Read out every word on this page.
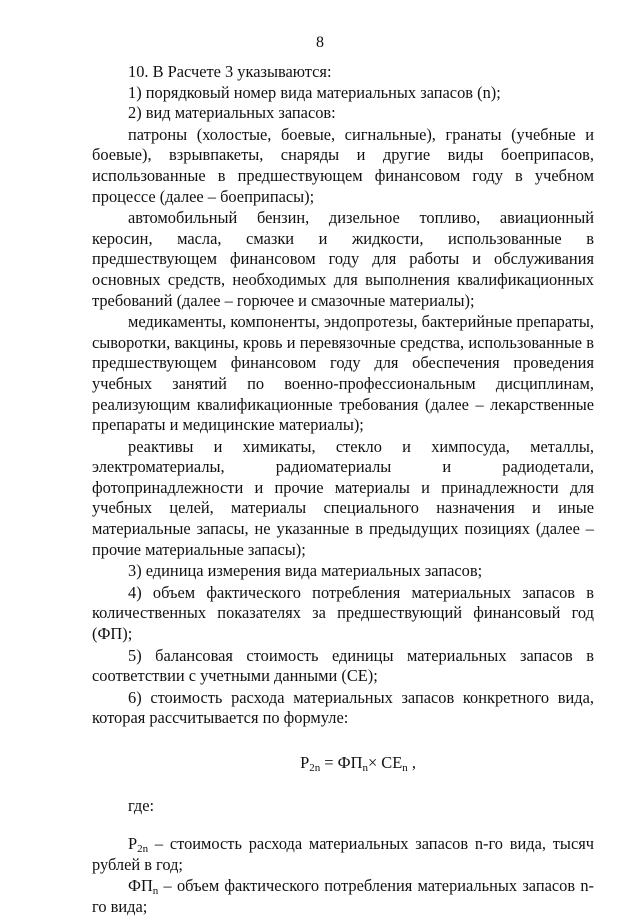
8

10. В Расчете 3 указываются:

1) порядковый номер вида материальных запасов (n);

2) вид материальных запасов:

патроны (холостые, боевые, сигнальные), гранаты (учебные и боевые), взрывпакеты, снаряды и другие виды боеприпасов, использованные в предшествующем финансовом году в учебном процессе (далее – боеприпасы);

автомобильный бензин, дизельное топливо, авиационный керосин, масла, смазки и жидкости, использованные в предшествующем финансовом году для работы и обслуживания основных средств, необходимых для выполнения квалификационных требований (далее – горючее и смазочные материалы);

медикаменты, компоненты, эндопротезы, бактерийные препараты, сыворотки, вакцины, кровь и перевязочные средства, использованные в предшествующем финансовом году для обеспечения проведения учебных занятий по военно-профессиональным дисциплинам, реализующим квалификационные требования (далее – лекарственные препараты и медицинские материалы);

реактивы и химикаты, стекло и химпосуда, металлы, электроматериалы, радиоматериалы и радиодетали, фотопринадлежности и прочие материалы и принадлежности для учебных целей, материалы специального назначения и иные материальные запасы, не указанные в предыдущих позициях (далее – прочие материальные запасы);

3) единица измерения вида материальных запасов;

4) объем фактического потребления материальных запасов в количественных показателях за предшествующий финансовый год (ФП);

5) балансовая стоимость единицы материальных запасов в соответствии с учетными данными (СЕ);

6) стоимость расхода материальных запасов конкретного вида, которая рассчитывается по формуле:

$Р_{2n} = ФП_n\times СЕ_n$ ,

где:

$Р_{2n}$ – стоимость расхода материальных запасов n-го вида, тысяч рублей в год;

$ФП_n$ – объем фактического потребления материальных запасов n-го вида;
